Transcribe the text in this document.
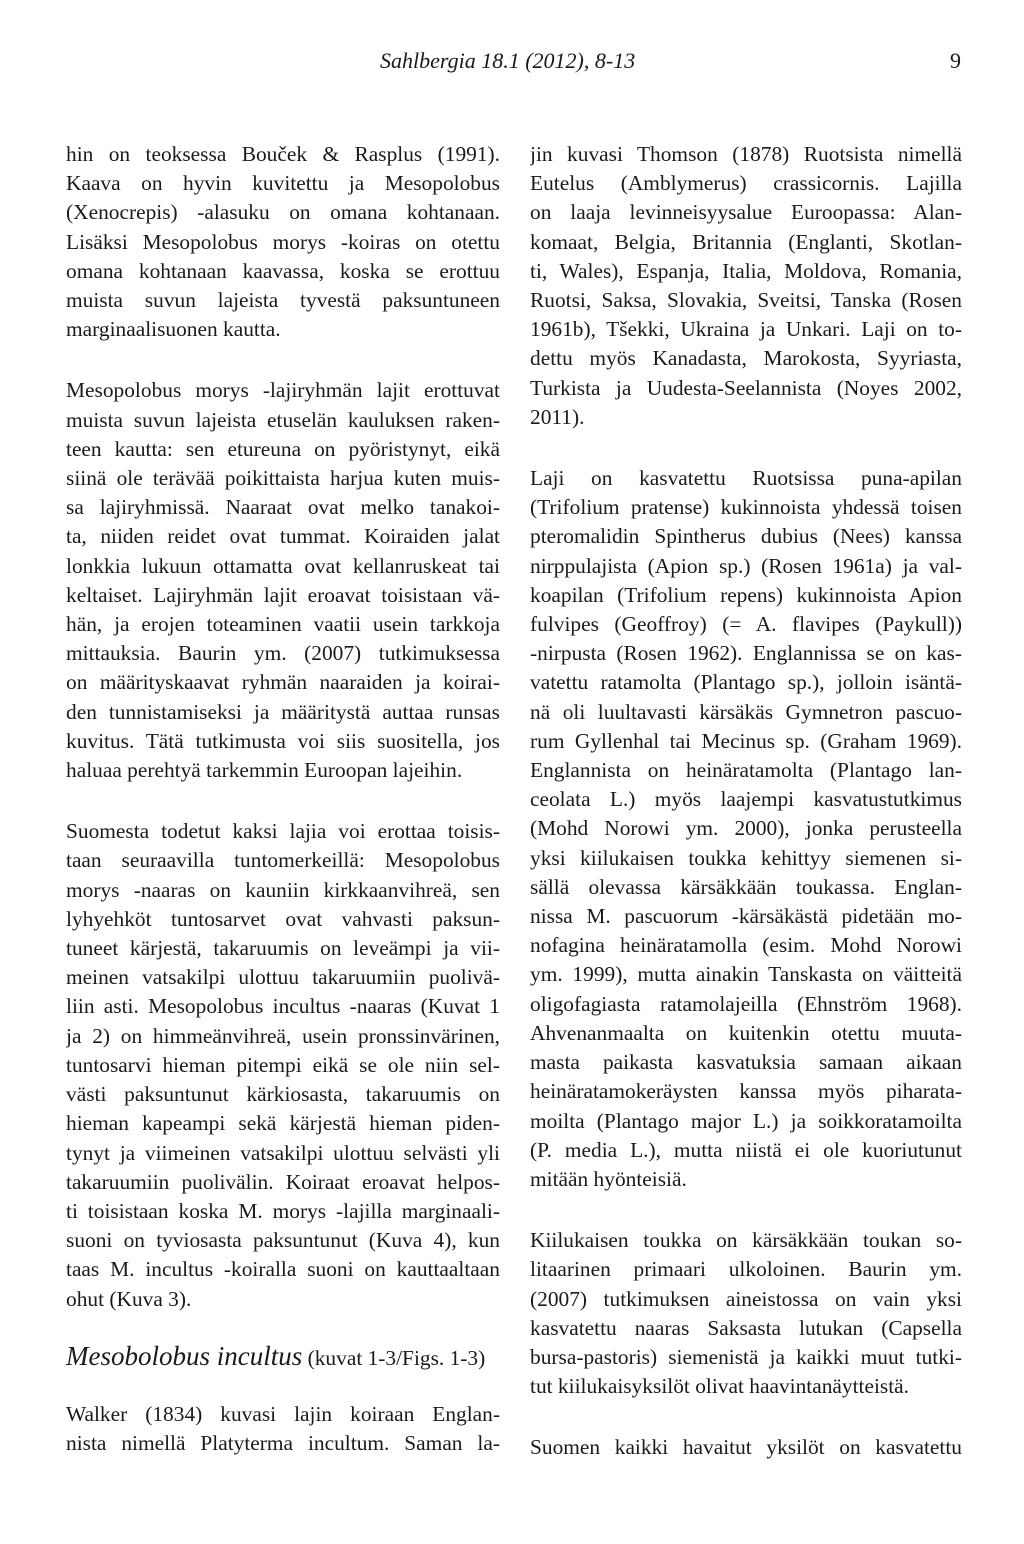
Sahlbergia 18.1 (2012), 8-13	9

hin on teoksessa Bouček & Rasplus (1991).
Kaava on hyvin kuvitettu ja Mesopolobus
(Xenocrepis) -alasuku on omana kohtanaan.
Lisäksi Mesopolobus morys -koiras on otettu
omana kohtanaan kaavassa, koska se erottuu
muista suvun lajeista tyvestä paksuntuneen
marginaalisuonen kautta.

Mesopolobus morys -lajiryhmän lajit erottuvat
muista suvun lajeista etuselän kauluksen raken-
teen kautta: sen etureuna on pyöristynyt, eikä
siinä ole terävää poikittaista harjua kuten muis-
sa lajiryhmissä. Naaraat ovat melko tanakoi-
ta, niiden reidet ovat tummat. Koiraiden jalat
lonkkia lukuun ottamatta ovat kellanruskeat tai
keltaiset. Lajiryhmän lajit eroavat toisistaan vä-
hän, ja erojen toteaminen vaatii usein tarkkoja
mittauksia. Baurin ym. (2007) tutkimuksessa
on määrityskaavat ryhmän naaraiden ja koirai-
den tunnistamiseksi ja määritystä auttaa runsas
kuvitus. Tätä tutkimusta voi siis suositella, jos
haluaa perehtyä tarkemmin Euroopan lajeihin.

Suomesta todetut kaksi lajia voi erottaa toisis-
taan seuraavilla tuntomerkeillä: Mesopolobus
morys -naaras on kauniin kirkkaanvihreä, sen
lyhyehköt tuntosarvet ovat vahvasti paksun-
tuneet kärjestä, takaruumis on leveämpi ja vii-
meinen vatsakilpi ulottuu takaruumiin puolivä-
liin asti. Mesopolobus incultus -naaras (Kuvat 1
ja 2) on himmeänvihreä, usein pronssinvärinen,
tuntosarvi hieman pitempi eikä se ole niin sel-
västi paksuntunut kärkiosasta, takaruumis on
hieman kapeampi sekä kärjestä hieman piden-
tynyt ja viimeinen vatsakilpi ulottuu selvästi yli
takaruumiin puolivälin. Koiraat eroavat helpos-
ti toisistaan koska M. morys -lajilla marginaali-
suoni on tyviosasta paksuntunut (Kuva 4), kun
taas M. incultus -koiralla suoni on kauttaaltaan
ohut (Kuva 3).

Mesobolobus incultus (kuvat 1-3/Figs. 1-3)

Walker (1834) kuvasi lajin koiraan Englan-
nista nimellä Platyterma incultum. Saman la-

jin kuvasi Thomson (1878) Ruotsista nimellä
Eutelus (Amblymerus) crassicornis. Lajilla
on laaja levinneisyysalue Euroopassa: Alan-
komaat, Belgia, Britannia (Englanti, Skotlan-
ti, Wales), Espanja, Italia, Moldova, Romania,
Ruotsi, Saksa, Slovakia, Sveitsi, Tanska (Rosen
1961b), Tšekki, Ukraina ja Unkari. Laji on to-
dettu myös Kanadasta, Marokosta, Syyriasta,
Turkista ja Uudesta-Seelannista (Noyes 2002,
2011).

Laji on kasvatettu Ruotsissa puna-apilan
(Trifolium pratense) kukinnoista yhdessä toisen
pteromalidin Spintherus dubius (Nees) kanssa
nirppulajista (Apion sp.) (Rosen 1961a) ja val-
koapilan (Trifolium repens) kukinnoista Apion
fulvipes (Geoffroy) (= A. flavipes (Paykull))
-nirpusta (Rosen 1962). Englannissa se on kas-
vatettu ratamolta (Plantago sp.), jolloin isäntä-
nä oli luultavasti kärsäkäs Gymnetron pascuo-
rum Gyllenhal tai Mecinus sp. (Graham 1969).
Englannista on heinäratamolta (Plantago lan-
ceolata L.) myös laajempi kasvatustutkimus
(Mohd Norowi ym. 2000), jonka perusteella
yksi kiilukaisen toukka kehittyy siemenen si-
sällä olevassa kärsäkkään toukassa. Englan-
nissa M. pascuorum -kärsäkästä pidetään mo-
nofagina heinäratamolla (esim. Mohd Norowi
ym. 1999), mutta ainakin Tanskasta on väitteitä
oligofagiasta ratamolajeilla (Ehnström 1968).
Ahvenanmaalta on kuitenkin otettu muuta-
masta paikasta kasvatuksia samaan aikaan
heinäratamokeräysten kanssa myös piharata-
moilta (Plantago major L.) ja soikkoratamoilta
(P. media L.), mutta niistä ei ole kuoriutunut
mitään hyönteisiä.

Kiilukaisen toukka on kärsäkkään toukan so-
litaarinen primaari ulkoloinen. Baurin ym.
(2007) tutkimuksen aineistossa on vain yksi
kasvatettu naaras Saksasta lutukan (Capsella
bursa-pastoris) siemenistä ja kaikki muut tutki-
tut kiilukaisyksilöt olivat haavintanäytteistä.

Suomen kaikki havaitut yksilöt on kasvatettu
